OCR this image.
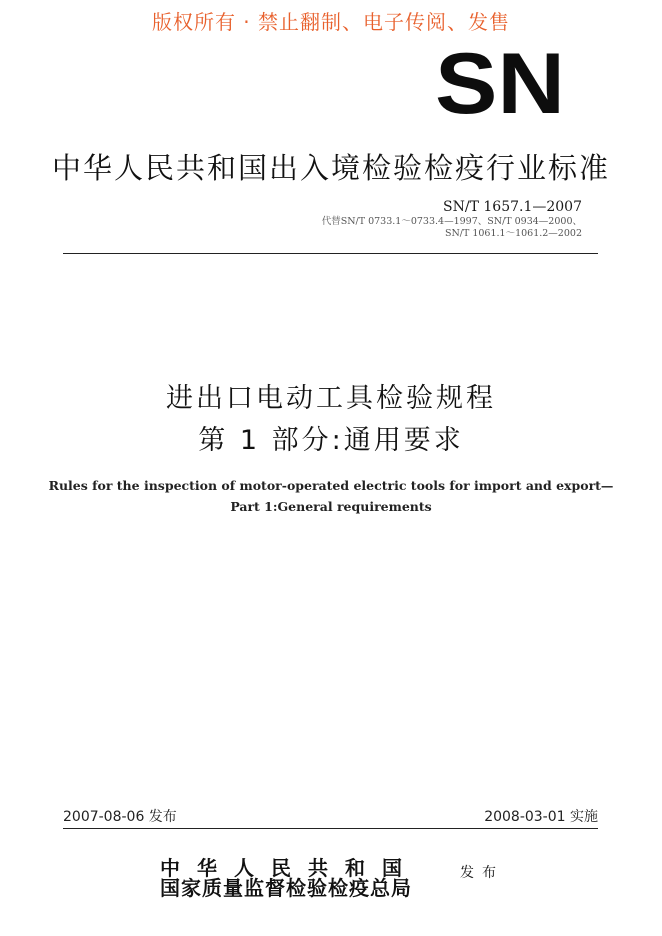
版权所有 · 禁止翻制、电子传阅、发售
SN
中华人民共和国出入境检验检疫行业标准
SN/T 1657.1—2007
代替SN/T 0733.1～0733.4—1997、SN/T 0934—2000、
SN/T 1061.1～1061.2—2002
进出口电动工具检验规程
第 1 部分:通用要求
Rules for the inspection of motor-operated electric tools for import and export—
Part 1:General requirements
2007-08-06 发布	2008-03-01 实施
中华人民共和国
国家质量监督检验检疫总局
发布
